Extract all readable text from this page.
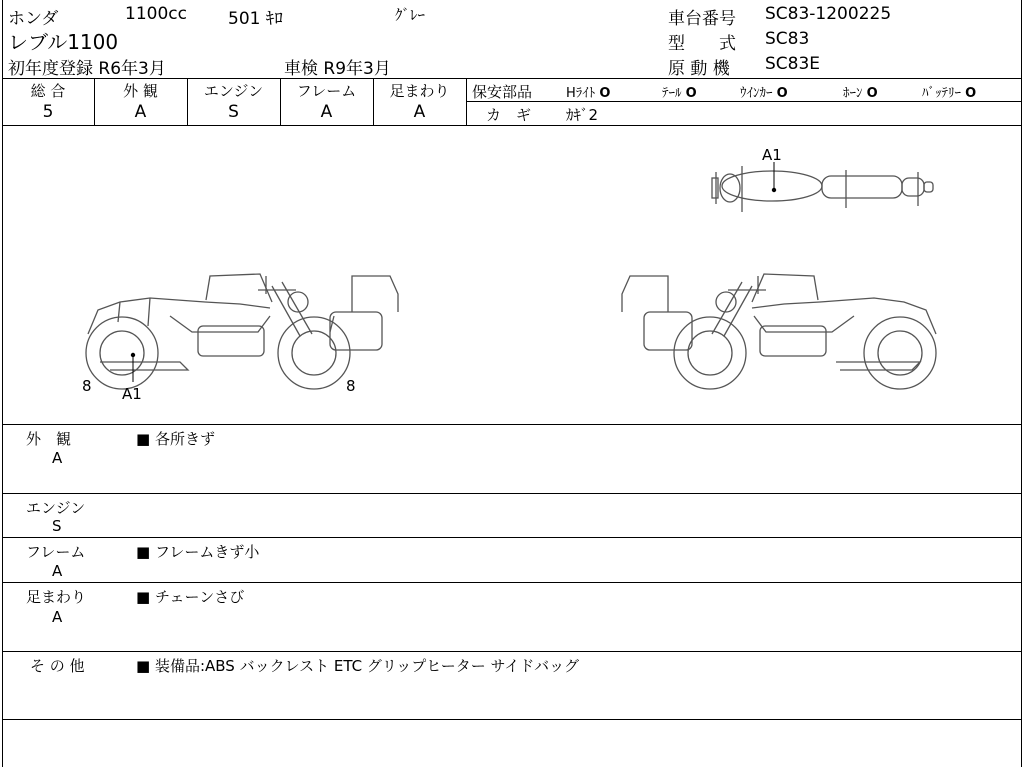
ホンダ	1100cc 501 ｷﾛ	ｸﾞﾚｰ
レブル1100
初年度登録 R6年3月	車検 R9年3月
車台番号 SC83-1200225
型　　式 SC83
原 動 機 SC83E
総 合	外 観	エンジン	フレーム	足まわり
5	A	S	A	A
保安部品	Hﾗｲﾄ O	ﾃｰﾙ O	ｳｲﾝｶｰ O	ﾎｰﾝ O	ﾊﾞｯﾃﾘｰ O
カ　ギ ｶｷﾞ2
A1
A1
8	8
外　観
A
■ 各所きず
エンジン
S
フレーム
A
■ フレームきず小
足まわり
A
■ チェーンさび
そ の 他	■ 装備品:ABS バックレスト ETC グリップヒーター サイドバッグ
